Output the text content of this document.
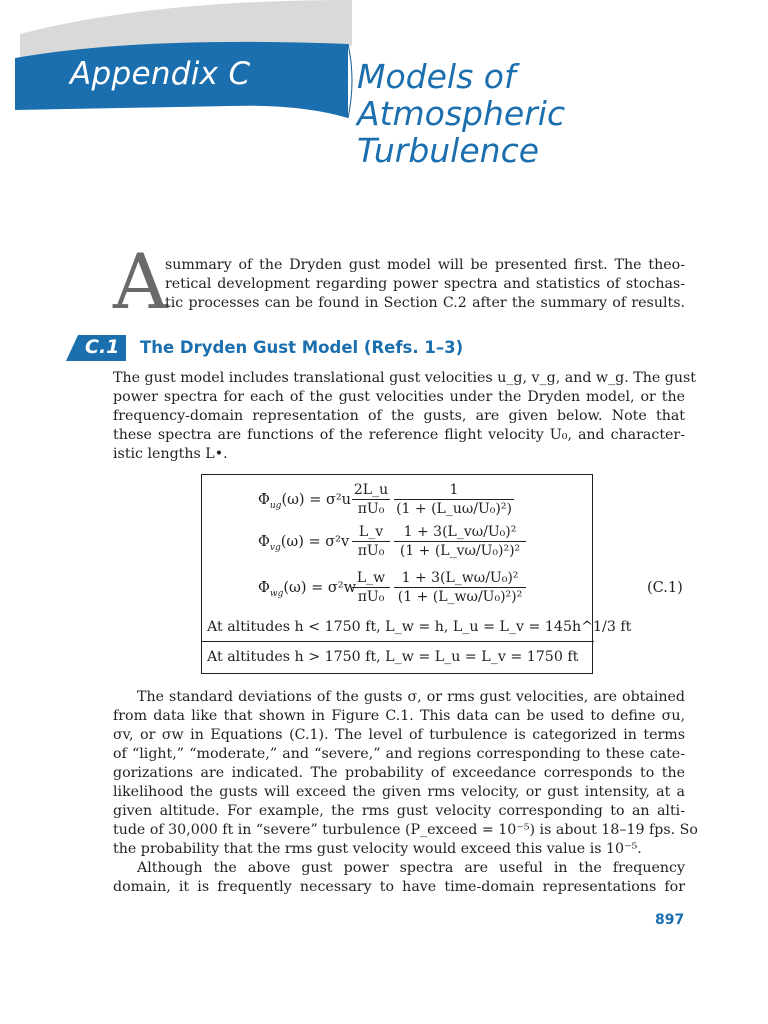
Appendix C	Models of
Atmospheric
Turbulence
A
summary of the Dryden gust model will be presented first. The theo-
retical development regarding power spectra and statistics of stochas-
tic processes can be found in Section C.2 after the summary of results.
C.1 The Dryden Gust Model (Refs. 1–3)
The gust model includes translational gust velocities u_g, v_g, and w_g. The gust
power spectra for each of the gust velocities under the Dryden model, or the
frequency-domain representation of the gusts, are given below. Note that
these spectra are functions of the reference flight velocity U₀, and character-
istic lengths L•.
$\Phi_{ug}(\omega) = \sigma^2u$
2L_u
πU₀
1
(1 + (L_uω/U₀)²)
$\Phi_{vg}(\omega) = \sigma^2v$
L_v
πU₀
1 + 3(L_vω/U₀)²
(1 + (L_vω/U₀)²)²
$\Phi_{wg}(\omega) = \sigma^2w$
L_w
πU₀
1 + 3(L_wω/U₀)²
(1 + (L_wω/U₀)²)²
At altitudes h < 1750 ft, L_w = h, L_u = L_v = 145h^1/3 ft
At altitudes h > 1750 ft, L_w = L_u = L_v = 1750 ft
(C.1)
The standard deviations of the gusts σ, or rms gust velocities, are obtained
from data like that shown in Figure C.1. This data can be used to define σu,
σv, or σw in Equations (C.1). The level of turbulence is categorized in terms
of “light,” “moderate,” and “severe,” and regions corresponding to these cate-
gorizations are indicated. The probability of exceedance corresponds to the
likelihood the gusts will exceed the given rms velocity, or gust intensity, at a
given altitude. For example, the rms gust velocity corresponding to an alti-
tude of 30,000 ft in “severe” turbulence (P_exceed = 10⁻⁵) is about 18–19 fps. So
the probability that the rms gust velocity would exceed this value is 10⁻⁵.
Although the above gust power spectra are useful in the frequency
domain, it is frequently necessary to have time-domain representations for
897
